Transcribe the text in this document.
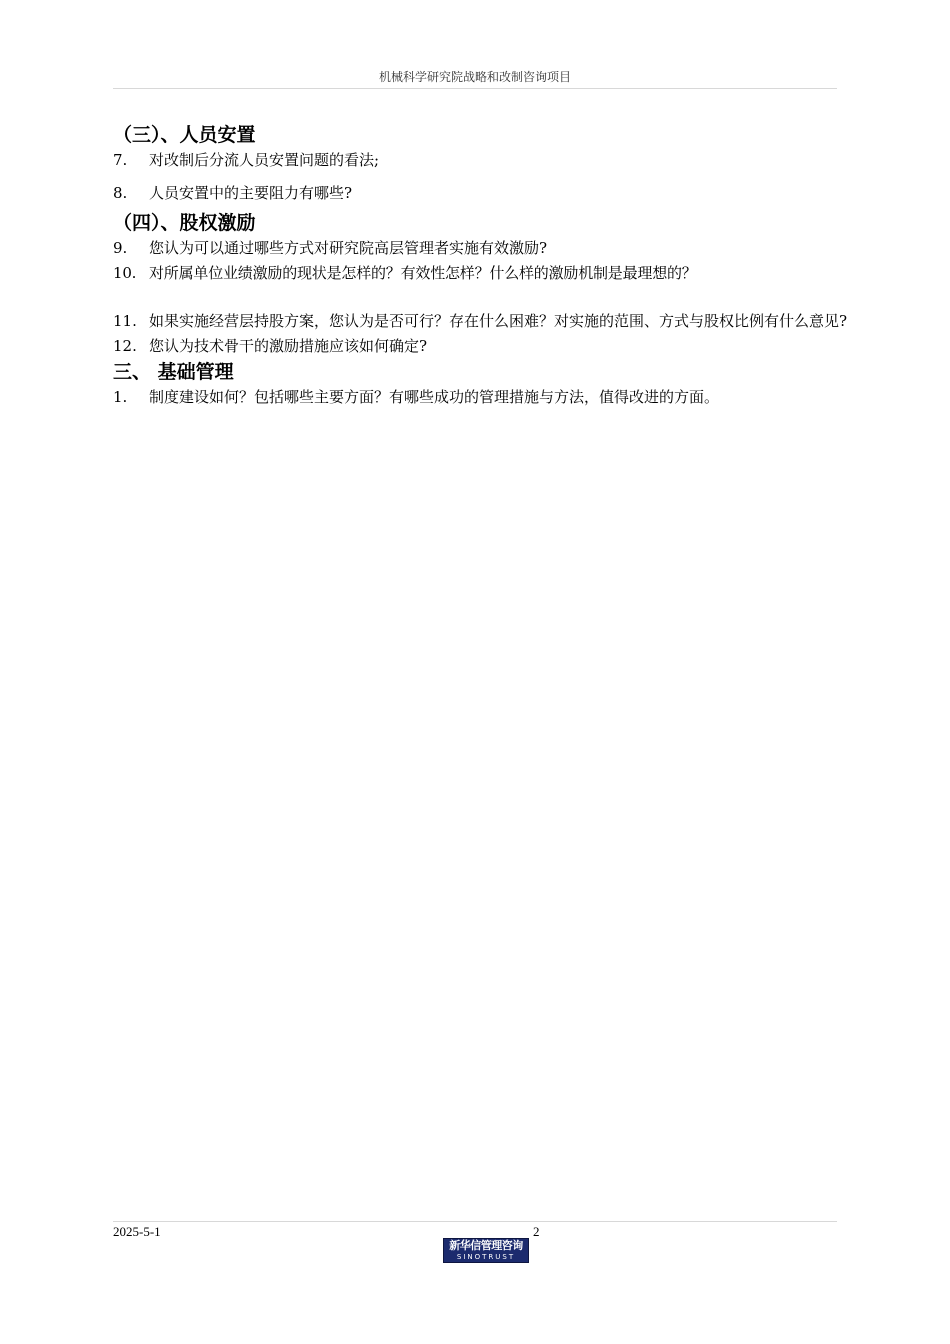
机械科学研究院战略和改制咨询项目

（三）、人员安置

7. 对改制后分流人员安置问题的看法;
8. 人员安置中的主要阻力有哪些?

（四）、股权激励

9. 您认为可以通过哪些方式对研究院高层管理者实施有效激励?
10. 对所属单位业绩激励的现状是怎样的？有效性怎样？什么样的激励机制是最理想的？
11. 如果实施经营层持股方案，您认为是否可行？存在什么困难？对实施的范围、方式与股权比例有什么意见?
12. 您认为技术骨干的激励措施应该如何确定?

三、 基础管理

1. 制度建设如何？包括哪些主要方面？有哪些成功的管理措施与方法，值得改进的方面。
2025-5-1	2
新华信管理咨询
SINOTRUST
